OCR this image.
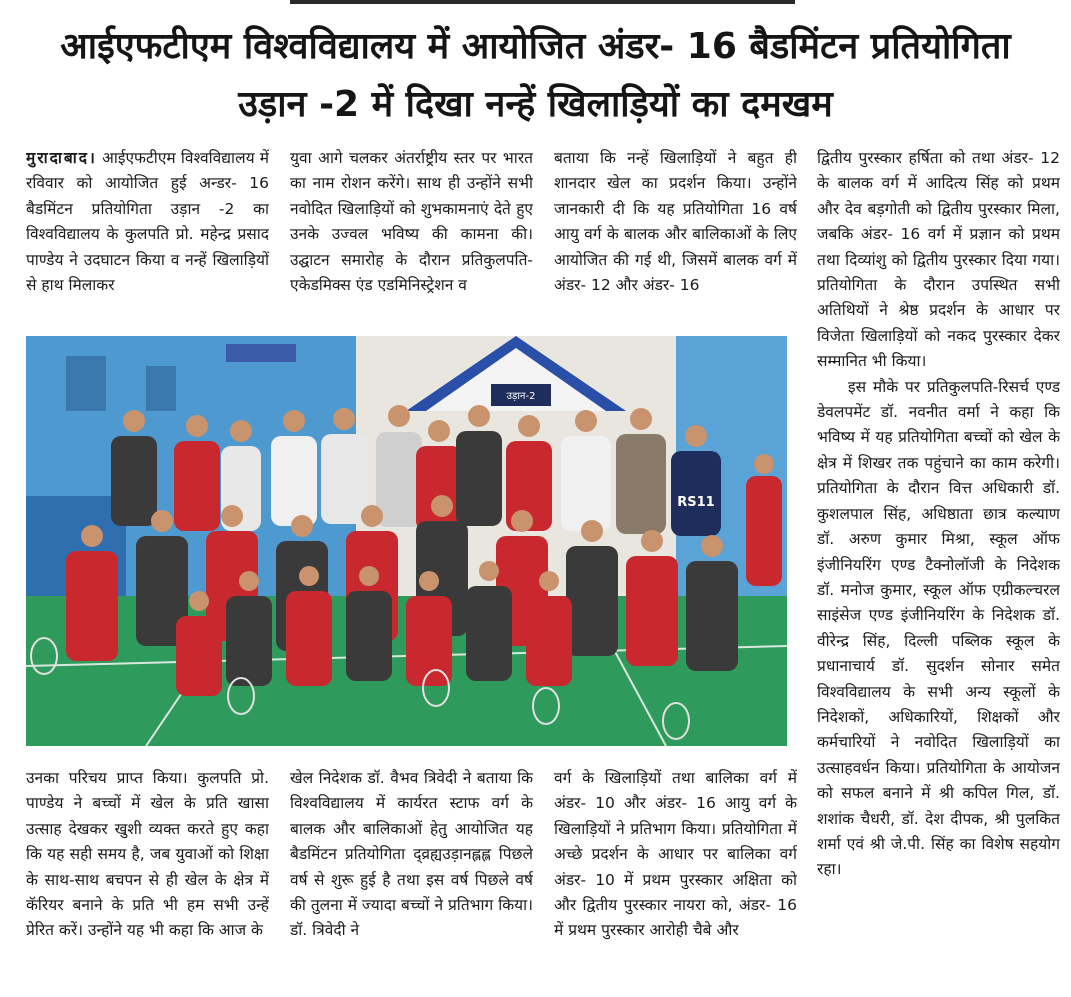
आईएफटीएम विश्वविद्यालय में आयोजित अंडर- 16 बैडमिंटन प्रतियोगिता उड़ान -2 में दिखा नन्हें खिलाड़ियों का दमखम
मुरादाबाद। आईएफटीएम विश्वविद्यालय में रविवार को आयोजित हुई अन्डर- 16 बैडमिंटन प्रतियोगिता उड़ान -2 का विश्वविद्यालय के कुलपति प्रो. महेन्द्र प्रसाद पाण्डेय ने उदघाटन किया व नन्हें खिलाड़ियों से हाथ मिलाकर
युवा आगे चलकर अंतर्राष्ट्रीय स्तर पर भारत का नाम रोशन करेंगे। साथ ही उन्होंने सभी नवोदित खिलाड़ियों को शुभकामनाएं देते हुए उनके उज्वल भविष्य की कामना की। उद्घाटन समारोह के दौरान प्रतिकुलपति- एकेडमिक्स एंड एडमिनिस्ट्रेशन व
बताया कि नन्हें खिलाड़ियों ने बहुत ही शानदार खेल का प्रदर्शन किया। उन्होंने जानकारी दी कि यह प्रतियोगिता 16 वर्ष आयु वर्ग के बालक और बालिकाओं के लिए आयोजित की गई थी, जिसमें बालक वर्ग में अंडर- 12 और अंडर- 16
द्वितीय पुरस्कार हर्षिता को तथा अंडर- 12 के बालक वर्ग में आदित्य सिंह को प्रथम और देव बड़गोती को द्वितीय पुरस्कार मिला, जबकि अंडर- 16 वर्ग में प्रज्ञान को प्रथम तथा दिव्यांशु को द्वितीय पुरस्कार दिया गया। प्रतियोगिता के दौरान उपस्थित सभी अतिथियों ने श्रेष्ठ प्रदर्शन के आधार पर विजेता खिलाड़ियों को नकद पुरस्कार देकर सम्मानित भी किया।
इस मौके पर प्रतिकुलपति-रिसर्च एण्ड डेवलपमेंट डॉ. नवनीत वर्मा ने कहा कि भविष्य में यह प्रतियोगिता बच्चों को खेल के क्षेत्र में शिखर तक पहुंचाने का काम करेगी। प्रतियोगिता के दौरान वित्त अधिकारी डॉ. कुशलपाल सिंह, अधिष्ठाता छात्र कल्याण डॉ. अरुण कुमार मिश्रा, स्कूल ऑफ इंजीनियरिंग एण्ड टैक्नोलॉजी के निदेशक डॉ. मनोज कुमार, स्कूल ऑफ एग्रीकल्चरल साइंसेज एण्ड इंजीनियरिंग के निदेशक डॉ. वीरेन्द्र सिंह, दिल्ली पब्लिक स्कूल के प्रधानाचार्य डॉ. सुदर्शन सोनार समेत विश्वविद्यालय के सभी अन्य स्कूलों के निदेशकों, अधिकारियों, शिक्षकों और कर्मचारियों ने नवोदित खिलाड़ियों का उत्साहवर्धन किया। प्रतियोगिता के आयोजन को सफल बनाने में श्री कपिल गिल, डॉ. शशांक चैधरी, डॉ. देश दीपक, श्री पुलकित शर्मा एवं श्री जे.पी. सिंह का विशेष सहयोग रहा।
उड़ान-2
RS11
उनका परिचय प्राप्त किया। कुलपति प्रो. पाण्डेय ने बच्चों में खेल के प्रति खासा उत्साह देखकर खुशी व्यक्त करते हुए कहा कि यह सही समय है, जब युवाओं को शिक्षा के साथ-साथ बचपन से ही खेल के क्षेत्र में कॅरियर बनाने के प्रति भी हम सभी उन्हें प्रेरित करें। उन्होंने यह भी कहा कि आज के
खेल निदेशक डॉ. वैभव त्रिवेदी ने बताया कि विश्वविद्यालय में कार्यरत स्टाफ वर्ग के बालक और बालिकाओं हेतु आयोजित यह बैडमिंटन प्रतियोगिता द्व्रह्यउड़ानह्लह्ल पिछले वर्ष से शुरू हुई है तथा इस वर्ष पिछले वर्ष की तुलना में ज्यादा बच्चों ने प्रतिभाग किया। डॉ. त्रिवेदी ने
वर्ग के खिलाड़ियों तथा बालिका वर्ग में अंडर- 10 और अंडर- 16 आयु वर्ग के खिलाड़ियों ने प्रतिभाग किया। प्रतियोगिता में अच्छे प्रदर्शन के आधार पर बालिका वर्ग अंडर- 10 में प्रथम पुरस्कार अक्षिता को और द्वितीय पुरस्कार नायरा को, अंडर- 16 में प्रथम पुरस्कार आरोही चैबे और
